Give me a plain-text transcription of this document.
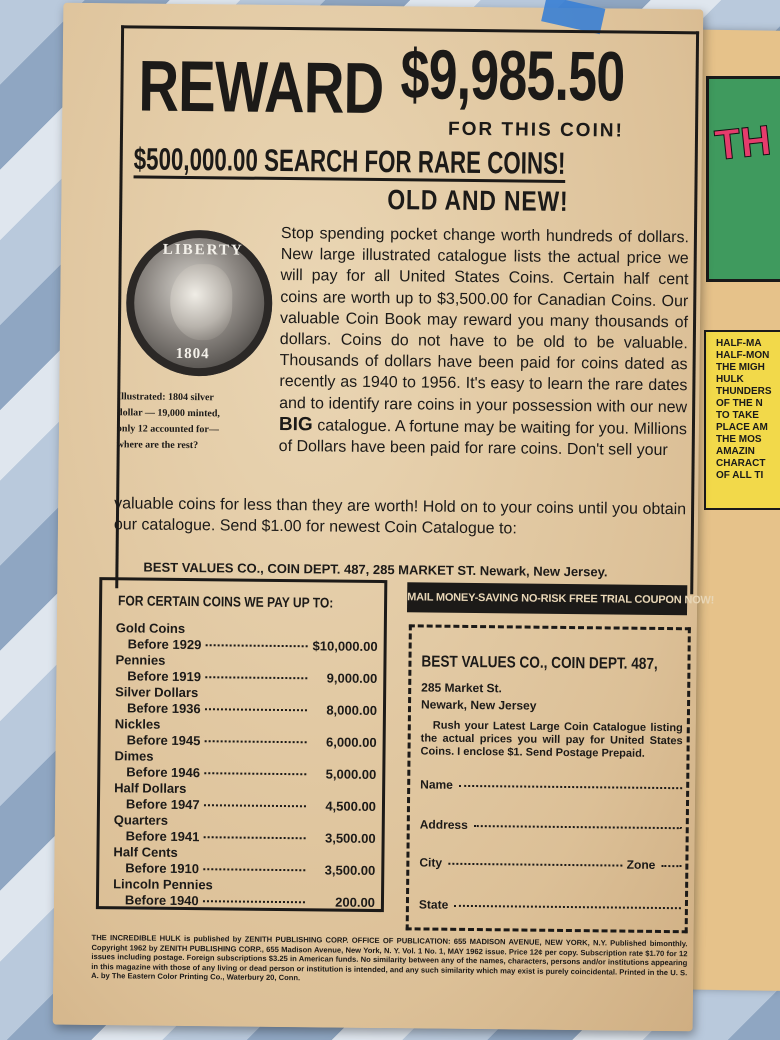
TH
HALF-MA
HALF-MON
THE MIGH
HULK
THUNDERS
OF THE N
TO TAKE
PLACE AM
THE MOS
AMAZIN
CHARACT
OF ALL TI
REWARD $9,985.50
FOR THIS COIN!
$500,000.00 SEARCH FOR RARE COINS!
OLD AND NEW!
LIBERTY
1804
Illustrated: 1804 silver
dollar — 19,000 minted,
only 12 accounted for—
where are the rest?
Stop spending pocket change worth hundreds of dollars. New large illustrated catalogue lists the actual price we will pay for all United States Coins. Certain half cent coins are worth up to $3,500.00 for Canadian Coins. Our valuable Coin Book may reward you many thousands of dollars. Coins do not have to be old to be valuable. Thousands of dollars have been paid for coins dated as recently as 1940 to 1956. It's easy to learn the rare dates and to identify rare coins in your possession with our new BIG catalogue. A fortune may be waiting for you. Millions of Dollars have been paid for rare coins. Don't sell your
valuable coins for less than they are worth! Hold on to your coins until you obtain our catalogue. Send $1.00 for newest Coin Catalogue to:
BEST VALUES CO., COIN DEPT. 487, 285 MARKET ST. Newark, New Jersey.
FOR CERTAIN COINS WE PAY UP TO:
Gold Coins
Before 1929	$10,000.00
Pennies
Before 1919	9,000.00
Silver Dollars
Before 1936	8,000.00
Nickles
Before 1945	6,000.00
Dimes
Before 1946	5,000.00
Half Dollars
Before 1947	4,500.00
Quarters
Before 1941	3,500.00
Half Cents
Before 1910	3,500.00
Lincoln Pennies
Before 1940	200.00
MAIL MONEY-SAVING NO-RISK FREE TRIAL COUPON NOW!
BEST VALUES CO., COIN DEPT. 487,
285 Market St.
Newark, New Jersey
Rush your Latest Large Coin Catalogue listing the actual prices you will pay for United States Coins. I enclose $1. Send Postage Prepaid.
Name
Address
City	Zone
State
THE INCREDIBLE HULK is published by ZENITH PUBLISHING CORP. OFFICE OF PUBLICATION: 655 MADISON AVENUE, NEW YORK, N.Y. Published bimonthly. Copyright 1962 by ZENITH PUBLISHING CORP., 655 Madison Avenue, New York, N. Y. Vol. 1 No. 1, MAY 1962 issue. Price 12¢ per copy. Subscription rate $1.70 for 12 issues including postage. Foreign subscriptions $3.25 in American funds. No similarity between any of the names, characters, persons and/or institutions appearing in this magazine with those of any living or dead person or institution is intended, and any such similarity which may exist is purely coincidental. Printed in the U. S. A. by The Eastern Color Printing Co., Waterbury 20, Conn.
